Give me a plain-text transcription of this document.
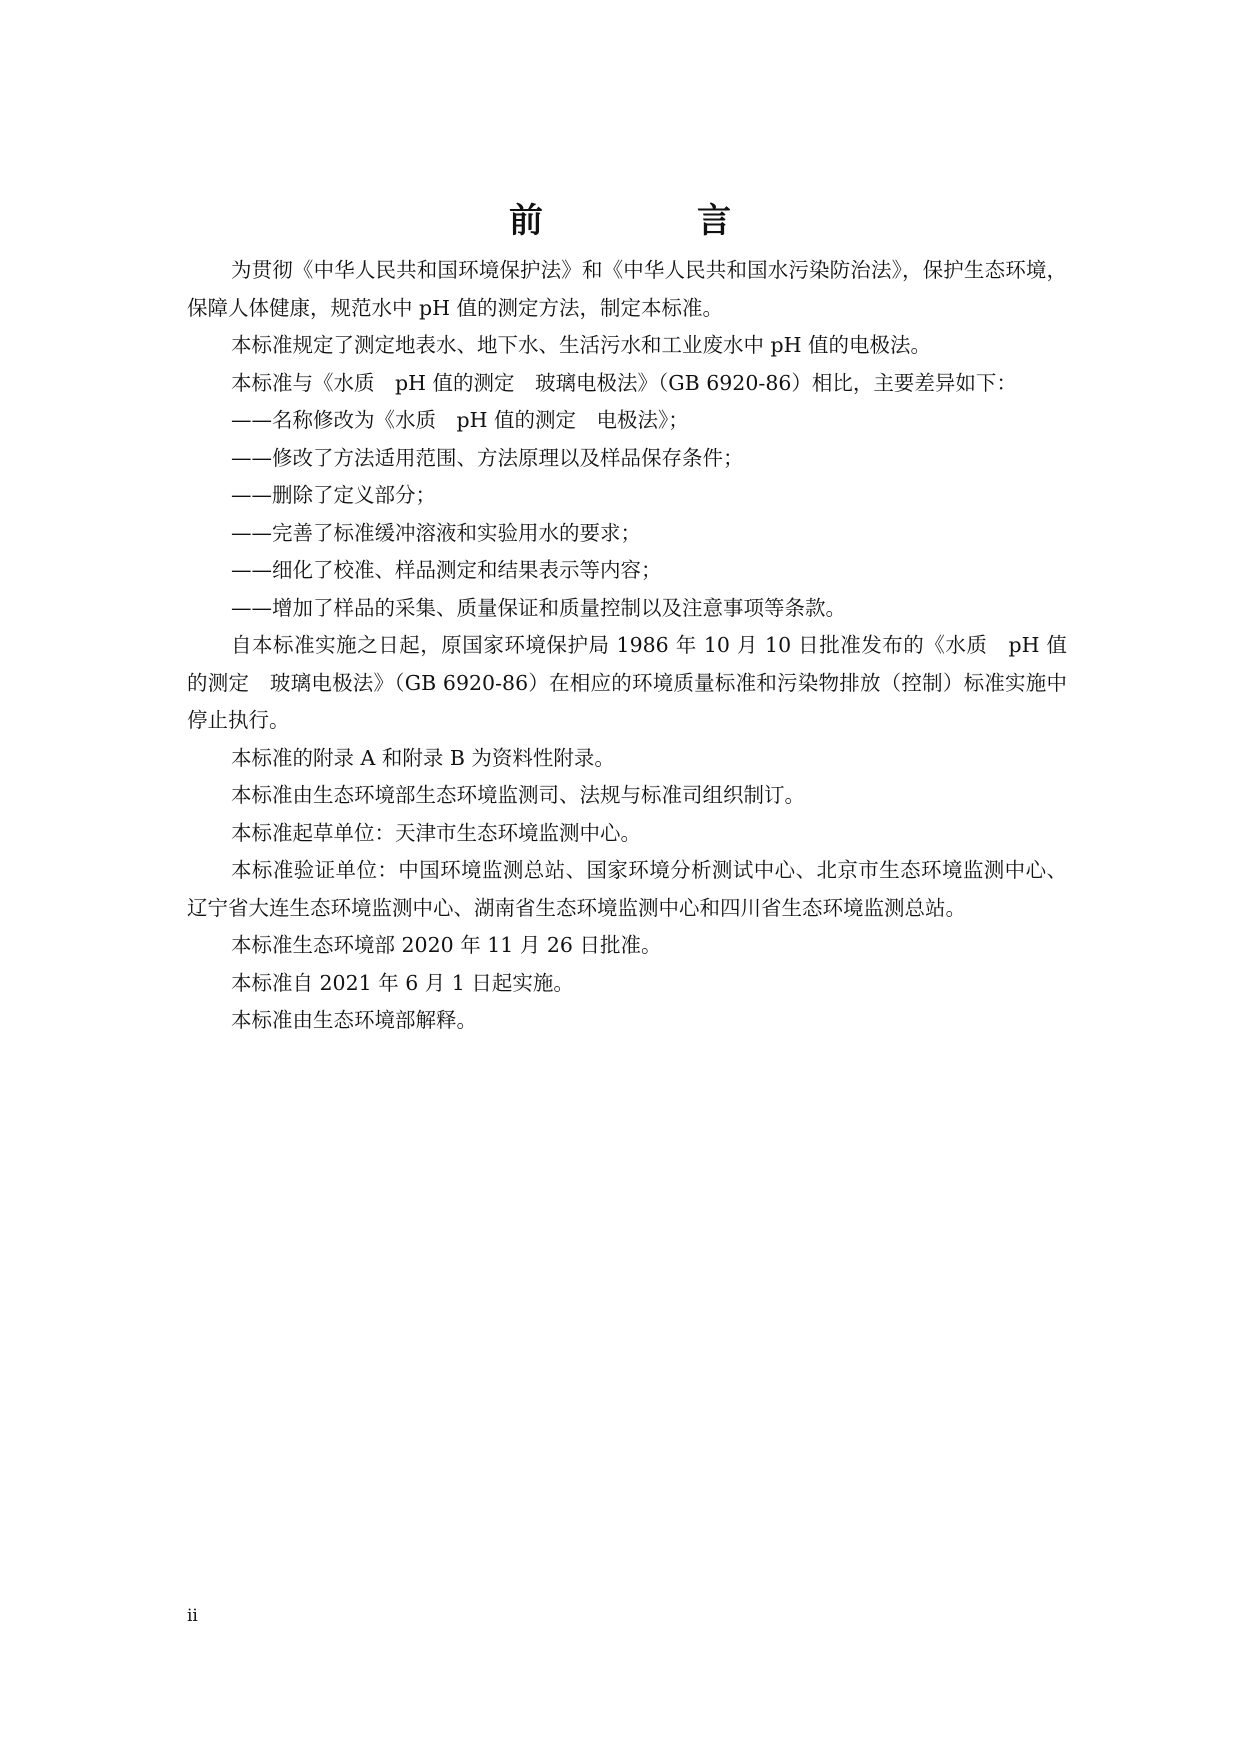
前　言

为贯彻《中华人民共和国环境保护法》和《中华人民共和国水污染防治法》，保护生态环境，保障人体健康，规范水中 pH 值的测定方法，制定本标准。

本标准规定了测定地表水、地下水、生活污水和工业废水中 pH 值的电极法。

本标准与《水质　pH 值的测定　玻璃电极法》（GB 6920-86）相比，主要差异如下：

——名称修改为《水质　pH 值的测定　电极法》；

——修改了方法适用范围、方法原理以及样品保存条件；

——删除了定义部分；

——完善了标准缓冲溶液和实验用水的要求；

——细化了校准、样品测定和结果表示等内容；

——增加了样品的采集、质量保证和质量控制以及注意事项等条款。

自本标准实施之日起，原国家环境保护局 1986 年 10 月 10 日批准发布的《水质　pH 值的测定　玻璃电极法》（GB 6920-86）在相应的环境质量标准和污染物排放（控制）标准实施中停止执行。

本标准的附录 A 和附录 B 为资料性附录。

本标准由生态环境部生态环境监测司、法规与标准司组织制订。

本标准起草单位：天津市生态环境监测中心。

本标准验证单位：中国环境监测总站、国家环境分析测试中心、北京市生态环境监测中心、辽宁省大连生态环境监测中心、湖南省生态环境监测中心和四川省生态环境监测总站。

本标准生态环境部 2020 年 11 月 26 日批准。

本标准自 2021 年 6 月 1 日起实施。

本标准由生态环境部解释。

ii
